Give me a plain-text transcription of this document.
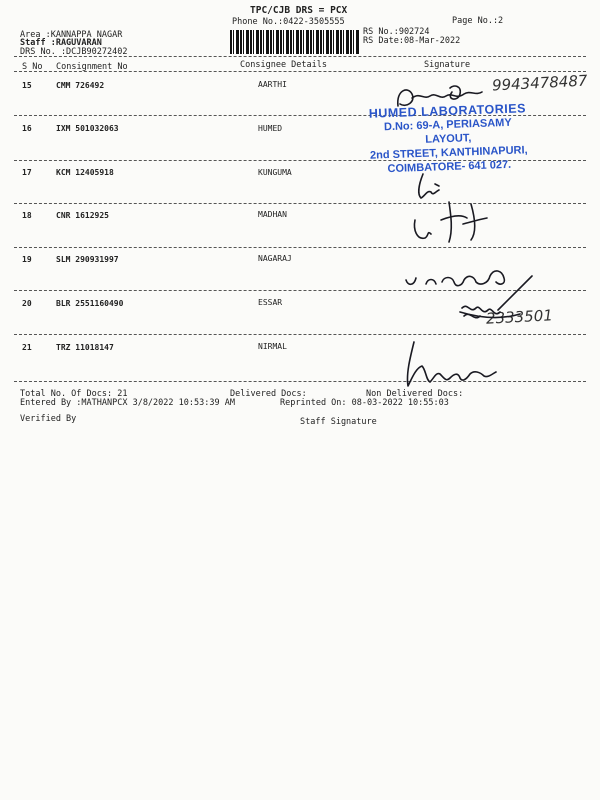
TPC/CJB DRS = PCX
Phone No.:0422-3505555	Page No.:2
Area :KANNAPPA NAGAR
Staff :RAGUVARAN
DRS No. :DCJB90272402
RS No.:902724
RS Date:08-Mar-2022
S No Consignment No	Consignee Details	Signature
15	CMM 726492	AARTHI
16	IXM 501032063	HUMED
17	KCM 12405918	KUNGUMA
18	CNR 1612925	MADHAN
19	SLM 290931997	NAGARAJ
20	BLR 2551160490	ESSAR
21	TRZ 11018147	NIRMAL
HUMED LABORATORIES
D.No: 69-A, PERIASAMY LAYOUT,
2nd STREET, KANTHINAPURI,
COIMBATORE- 641 027.
9943478487
2333501
Total No. Of Docs: 21	Delivered Docs:	Non Delivered Docs:
Entered By :MATHANPCX 3/8/2022 10:53:39 AM	Reprinted On: 08-03-2022 10:55:03
Verified By	Staff Signature
